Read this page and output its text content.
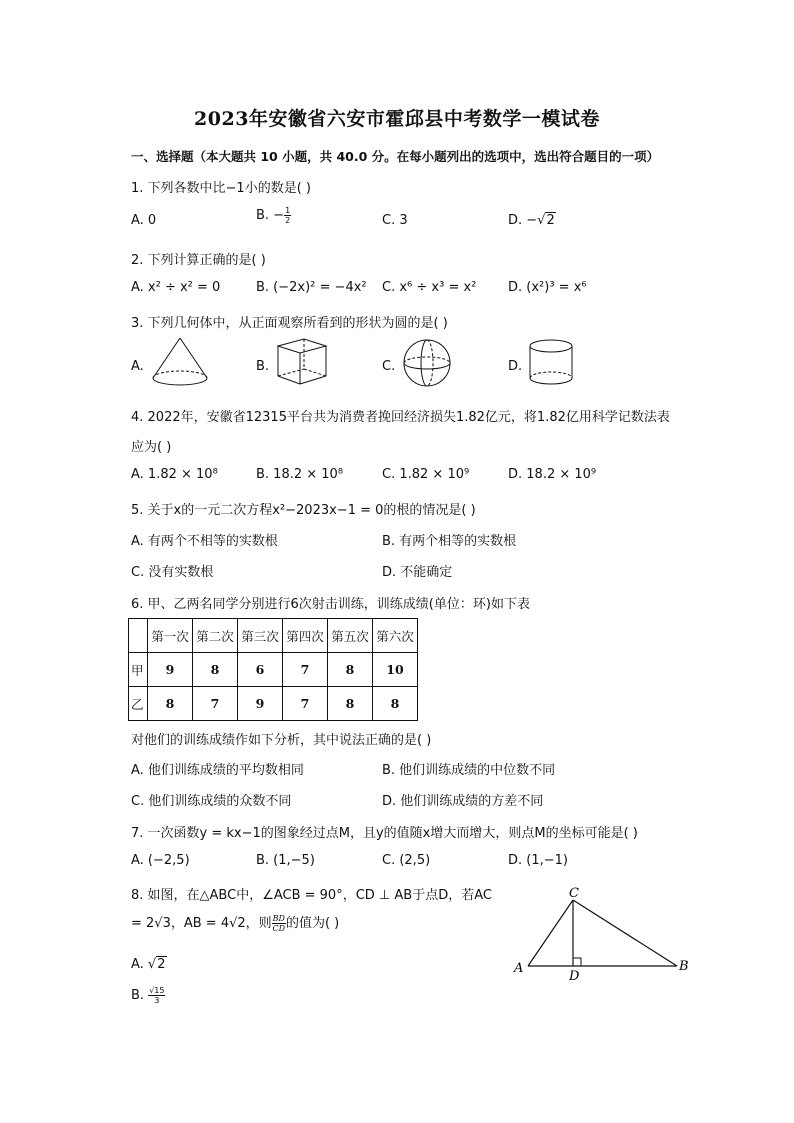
2023年安徽省六安市霍邱县中考数学一模试卷
一、选择题（本大题共 10 小题，共 40.0 分。在每小题列出的选项中，选出符合题目的一项）
1. 下列各数中比−1小的数是( )
A. 0	B. − $\frac{1}{2}$	C. 3	D. −√2
2. 下列计算正确的是( )
A. x² ÷ x² = 0	B. (−2x)² = −4x² C. x⁶ ÷ x³ = x² D. (x²)³ = x⁶
3. 下列几何体中，从正面观察所看到的形状为圆的是( )
A.	B.	C.	D.
4. 2022年，安徽省12315平台共为消费者挽回经济损失1.82亿元，将1.82亿用科学记数法表
应为( )
A. 1.82 × 10⁸	B. 18.2 × 10⁸	C. 1.82 × 10⁹	D. 18.2 × 10⁹
5. 关于x的一元二次方程x²−2023x−1 = 0的根的情况是( )
A. 有两个不相等的实数根	B. 有两个相等的实数根
C. 没有实数根	D. 不能确定
6. 甲、乙两名同学分别进行6次射击训练，训练成绩(单位：环)如下表
	第一次	第二次	第三次	第四次	第五次	第六次
甲	9	8	6	7	8	10
乙	8	7	9	7	8	8
对他们的训练成绩作如下分析，其中说法正确的是( )
A. 他们训练成绩的平均数相同	B. 他们训练成绩的中位数不同
C. 他们训练成绩的众数不同	D. 他们训练成绩的方差不同
7. 一次函数y = kx−1的图象经过点M，且y的值随x增大而增大，则点M的坐标可能是( )
A. (−2,5)	B. (1,−5)	C. (2,5)	D. (1,−1)
8. 如图，在△ABC中，∠ACB = 90°，CD ⊥ AB于点D，若AC
= 2√3，AB = 4√2，则 $\frac{BD}{CD}$ 的值为( )
A. √2
B. $\frac{√15}{3}$
C
A	B
D
